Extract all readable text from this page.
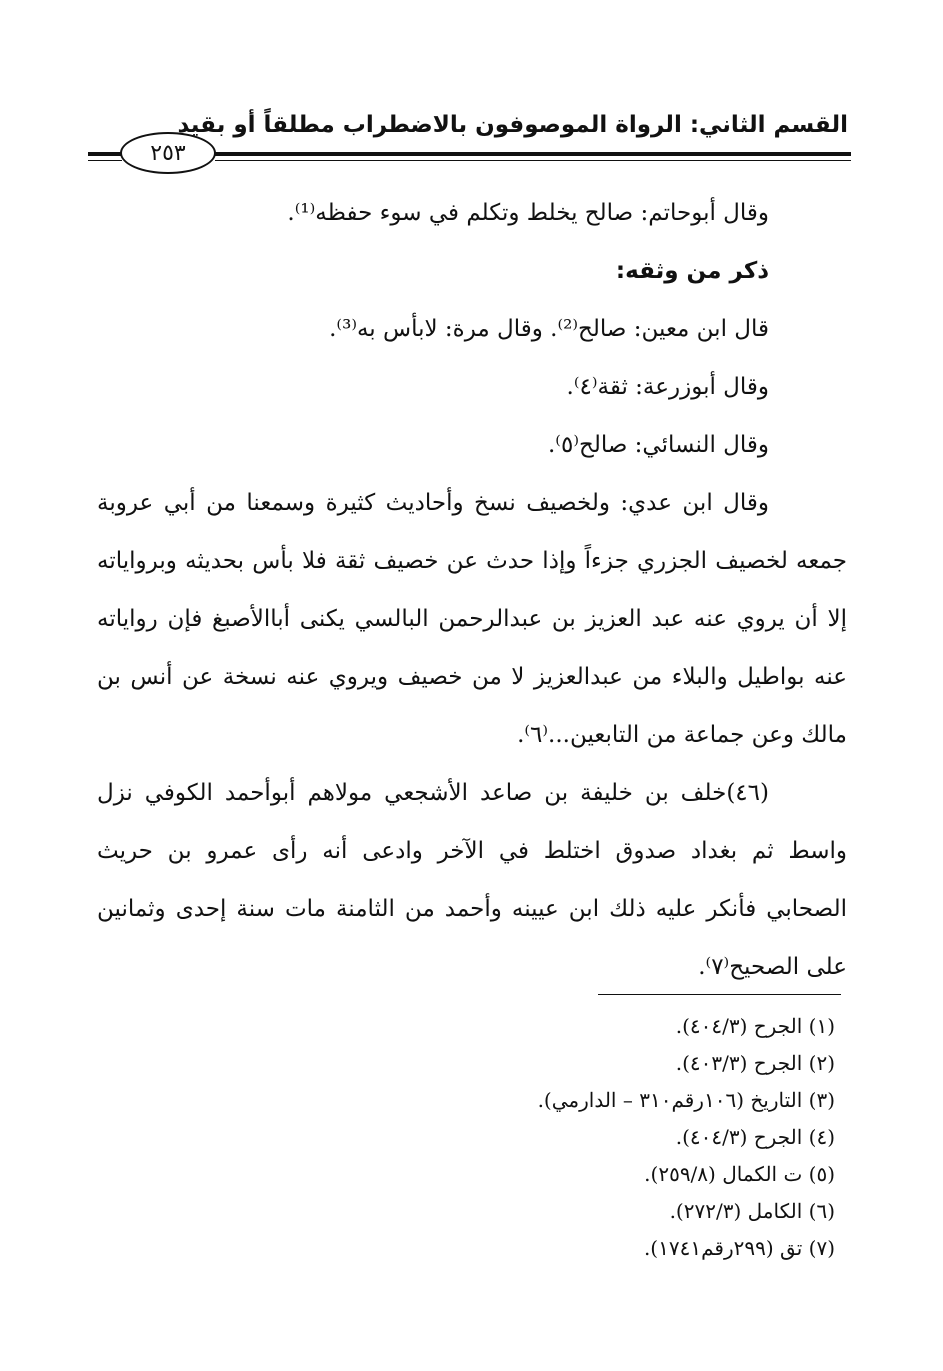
القسم الثاني: الرواة الموصوفون بالاضطراب مطلقاً أو بقيد
٢٥٣
وقال أبوحاتم: صالح يخلط وتكلم في سوء حفظه⁽¹⁾.
ذكر من وثقه:
قال ابن معين: صالح⁽²⁾. وقال مرة: لابأس به⁽³⁾.
وقال أبوزرعة: ثقة⁽٤⁾.
وقال النسائي: صالح⁽٥⁾.
وقال ابن عدي: ولخصيف نسخ وأحاديث كثيرة وسمعنا من أبي عروبة
جمعه لخصيف الجزري جزءاً وإذا حدث عن خصيف ثقة فلا بأس بحديثه وبرواياته
إلا أن يروي عنه عبد العزيز بن عبدالرحمن البالسي يكنى أباالأصبغ فإن رواياته
عنه بواطيل والبلاء من عبدالعزيز لا من خصيف ويروي عنه نسخة عن أنس بن
مالك وعن جماعة من التابعين...⁽٦⁾.
(٤٦)خلف بن خليفة بن صاعد الأشجعي مولاهم أبوأحمد الكوفي نزل
واسط ثم بغداد صدوق اختلط في الآخر وادعى أنه رأى عمرو بن حريث
الصحابي فأنكر عليه ذلك ابن عيينه وأحمد من الثامنة مات سنة إحدى وثمانين
على الصحيح⁽٧⁾.
(١) الجرح (٤٠٤/٣).
(٢) الجرح (٤٠٣/٣).
(٣) التاريخ (١٠٦رقم٣١٠ – الدارمي).
(٤) الجرح (٤٠٤/٣).
(٥) ت الكمال (٢٥٩/٨).
(٦) الكامل (٢٧٢/٣).
(٧) تق (٢٩٩رقم١٧٤١).
